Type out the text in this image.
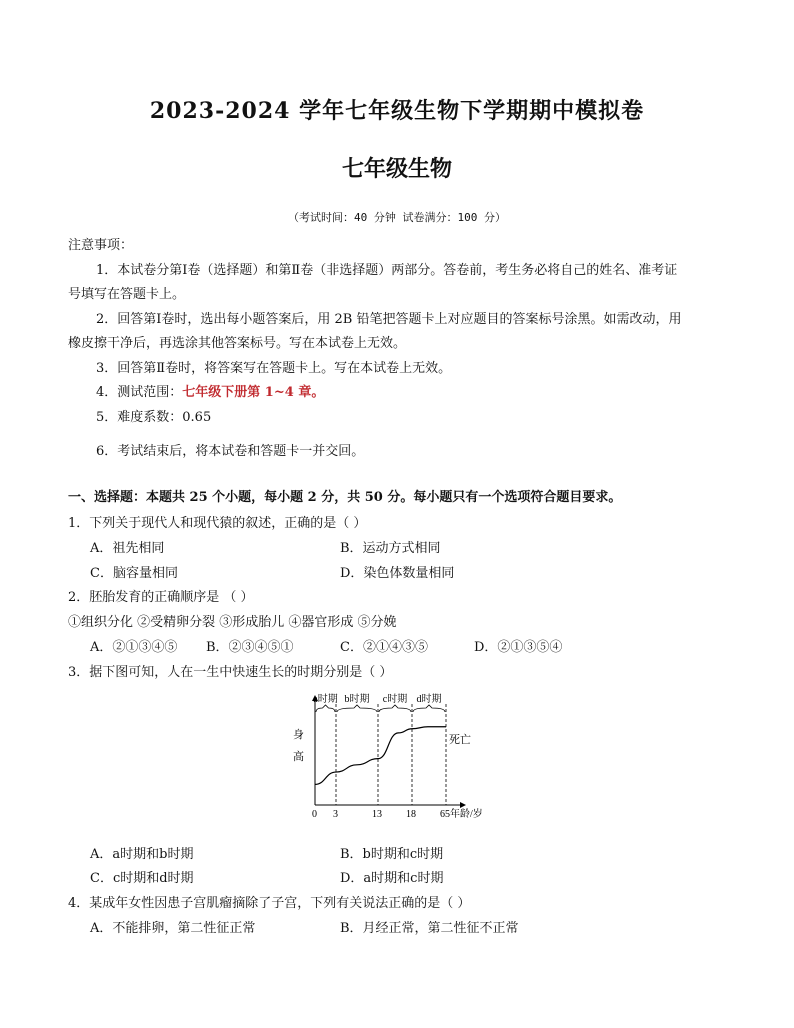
2023-2024 学年七年级生物下学期期中模拟卷
七年级生物
（考试时间：40 分钟 试卷满分：100 分）
注意事项：
1．本试卷分第Ⅰ卷（选择题）和第Ⅱ卷（非选择题）两部分。答卷前，考生务必将自己的姓名、准考证
号填写在答题卡上。
2．回答第Ⅰ卷时，选出每小题答案后，用 2B 铅笔把答题卡上对应题目的答案标号涂黑。如需改动，用
橡皮擦干净后，再选涂其他答案标号。写在本试卷上无效。
3．回答第Ⅱ卷时，将答案写在答题卡上。写在本试卷上无效。
4．测试范围：七年级下册第 1~4 章。
5．难度系数：0.65
6．考试结束后，将本试卷和答题卡一并交回。
一、选择题：本题共 25 个小题，每小题 2 分，共 50 分。每小题只有一个选项符合题目要求。
1．下列关于现代人和现代猿的叙述，正确的是（ ）
A．祖先相同	B．运动方式相同
C．脑容量相同	D．染色体数量相同
2．胚胎发育的正确顺序是 （ ）
①组织分化 ②受精卵分裂 ③形成胎儿 ④器官形成 ⑤分娩
A．②①③④⑤ B．②③④⑤①	C．②①④③⑤	D．②①③⑤④
3．据下图可知，人在一生中快速生长的时期分别是（ ）
身
高
死亡
0 3	13 18 65年龄/岁
a时期 b时期 c时期 d时期
A．a时期和b时期	B．b时期和c时期
C．c时期和d时期	D．a时期和c时期
4．某成年女性因患子宫肌瘤摘除了子宫，下列有关说法正确的是（ ）
A．不能排卵，第二性征正常	B．月经正常，第二性征不正常
